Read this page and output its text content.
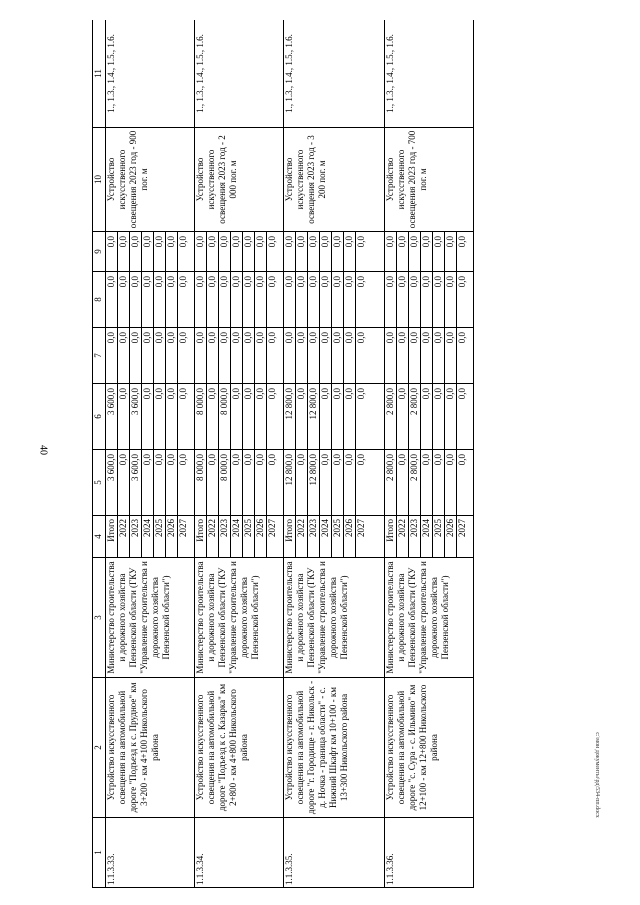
40
1	2	3	4	5	6	7	8	9	10	11
1.1.3.33.	Устройство искусственного освещения на автомобильной дороге "Подъезд к с. Прудное" км 3+200 - км 4+100 Никольского района	Министерство строительства и дорожного хозяйства Пензенской области (ГКУ "Управление строительства и дорожного хозяйства Пензенской области")	Итого	3 600,0	3 600,0	0,0	0,0	0,0	Устройство искусственного освещения 2023 год - 900 пог. м	1., 1.3., 1.4., 1.5., 1.6.
			2022	0,0	0,0	0,0	0,0	0,0		
			2023	3 600,0	3 600,0	0,0	0,0	0,0		
			2024	0,0	0,0	0,0	0,0	0,0		
			2025	0,0	0,0	0,0	0,0	0,0		
			2026	0,0	0,0	0,0	0,0	0,0		
			2027	0,0	0,0	0,0	0,0	0,0		
1.1.3.34.	Устройство искусственного освещения на автомобильной дороге "Подъезд к с. Казарка" км 2+800 - км 4+800 Никольского района	Министерство строительства и дорожного хозяйства Пензенской области (ГКУ "Управление строительства и дорожного хозяйства Пензенской области")	Итого	8 000,0	8 000,0	0,0	0,0	0,0	Устройство искусственного освещения 2023 год - 2 000 пог. м	1., 1.3., 1.4., 1.5., 1.6.
			2022	0,0	0,0	0,0	0,0	0,0		
			2023	8 000,0	8 000,0	0,0	0,0	0,0		
			2024	0,0	0,0	0,0	0,0	0,0		
			2025	0,0	0,0	0,0	0,0	0,0		
			2026	0,0	0,0	0,0	0,0	0,0		
			2027	0,0	0,0	0,0	0,0	0,0		
1.1.3.35.	Устройство искусственного освещения на автомобильной дороге "г. Городище - г. Никольск - д. Ночка - граница области" - с. Нижний Шкафт км 10+100 - км 13+300 Никольского района	Министерство строительства и дорожного хозяйства Пензенской области (ГКУ "Управление строительства и дорожного хозяйства Пензенской области")	Итого	12 800,0	12 800,0	0,0	0,0	0,0	Устройство искусственного освещения 2023 год - 3 200 пог. м	1., 1.3., 1.4., 1.5., 1.6.
			2022	0,0	0,0	0,0	0,0	0,0		
			2023	12 800,0	12 800,0	0,0	0,0	0,0		
			2024	0,0	0,0	0,0	0,0	0,0		
			2025	0,0	0,0	0,0	0,0	0,0		
			2026	0,0	0,0	0,0	0,0	0,0		
			2027	0,0	0,0	0,0	0,0	0,0		
1.1.3.36.	Устройство искусственного освещения на автомобильной дороге "с. Сура - с. Ильмино" км 12+100 - км 12+800 Никольского района	Министерство строительства и дорожного хозяйства Пензенской области (ГКУ "Управление строительства и дорожного хозяйства Пензенской области")	Итого	2 800,0	2 800,0	0,0	0,0	0,0	Устройство искусственного освещения 2023 год - 700 пог. м	1., 1.3., 1.4., 1.5., 1.6.
			2022	0,0	0,0	0,0	0,0	0,0		
			2023	2 800,0	2 800,0	0,0	0,0	0,0		
			2024	0,0	0,0	0,0	0,0	0,0		
			2025	0,0	0,0	0,0	0,0	0,0		
			2026	0,0	0,0	0,0	0,0	0,0		
			2027	0,0	0,0	0,0	0,0	0,0		
c:\мои документы\рд\534-пп.docx
